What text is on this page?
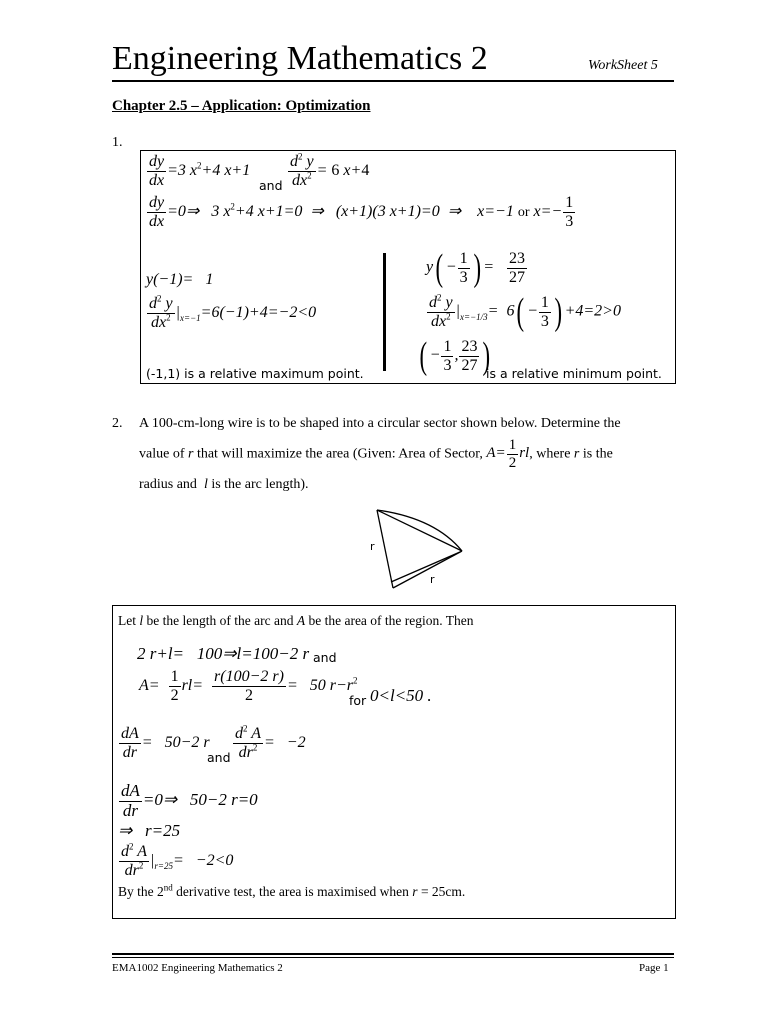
Engineering Mathematics 2	WorkSheet 5
Chapter 2.5 – Application: Optimization
1.
$\frac{dy}{dx} =3$ $x^2+4$ x+1
and $\frac{d^2 y}{dx^2} = 6$ x+4
$\frac{dy}{dx}$ =0⇒   3 $x^2+4$ x+1=0  ⇒   (x+1)(3 x+1)=0  ⇒    x=−1 or $x=- \frac{1}{3}$
y(−1)=   1
$\frac{d^2 y}{dx^2} |_{x=-1}=6(-1)+4=-2<0$
$y( - \frac{1}{3}$ ) = $\frac{23}{27}$
$\frac{d^2 y}{dx^2} |_{x=-1/3}= 6( - \frac{1}{3}$ ) +4=2>0
( − $\frac{1}{3}$ , $\frac{23}{27}$ )
(-1,1) is a relative maximum point.	is a relative minimum point.
2. A 100-cm-long wire is to be shaped into a circular sector shown below. Determine the
value of r that will maximize the area (Given: Area of Sector, $A= \frac{1}{2}$ rl, where r is the
radius and l is the arc length).
r
r
Let l be the length of the arc and A be the area of the region. Then
2 r+l=   100⇒l=100−2 r and
$A= \frac{1}{2} rl= \frac{r(100-2 r)}{2} = 50$ $r-r^2$
for 0<l<50 .
$\frac{dA}{dr} = 50-2$ r
and $\frac{d^2 A}{dr^2} = -2$
$\frac{dA}{dr}$ =0⇒   50−2 r=0
⇒   r=25
$\frac{d^2 A}{dr^2} |_{r=25}= -2<0$
By the 2nd derivative test, the area is maximised when r = 25cm.
EMA1002 Engineering Mathematics 2	Page 1
